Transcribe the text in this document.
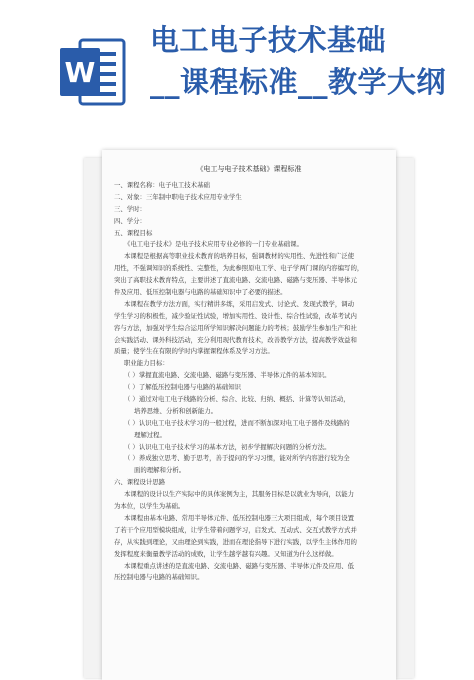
W
电工电子技术基础
__课程标准__教学大纲
《电工与电子技术基础》课程标准
一、课程名称：电子电工技术基础
二、对象：三年制中职电子技术应用专业学生
三、学时：
四、学分：
五、课程目标
《电工电子技术》是电子技术应用专业必修的一门专业基础课。
本课程是根据高等职业技术教育的培养目标，强调教材的实用性、先进性和广泛使
用性，不强调知识的系统性、完整性，为此参照原电工学、电子学两门课的内容编写的，
突出了高职技术教育特点，主要讲述了直流电路、交流电路、磁路与变压器、半导体元
件及应用、低压控制电器与电路的基础知识中了必要的描述。
本课程在教学方法方面，实行精讲多练，采用启发式、讨论式、发现式教学，调动
学生学习的积极性，减少验证性试验，增加实用性、设计性、综合性试验，改革考试内
容与方法，加强对学生综合运用所学知识解决问题能力的考核；鼓励学生参加生产和社
会实践活动、课外科技活动，充分利用现代教育技术，改善教学方法，提高教学效益和
质量；使学生在有限的学时内掌握课程体系及学习方法。
职业能力目标：
（ ）掌握直流电路、交流电路、磁路与变压器、半导体元件的基本知识。
（ ）了解低压控制电器与电路的基础知识
（ ）通过对电工电子线路的分析、综合、比较、归纳、概括、计算等认知活动，
培养思维、分析和创新能力。
（ ）认识电工电子技术学习的一般过程，进而不断加深对电工电子器件及线路的
理解过程。
（ ）认识电工电子技术学习的基本方法，初步学握解决问题的分析方法。
（ ）养成独立思考、勤于思考，善于提问的学习习惯，能对所学内容进行较为全
面的理解和分析。
六、课程设计思路
本课程的设计以生产实际中的具体案例为主，其服务目标是以就业为导向，以能力
为本位，以学生为基础。
本课程由基本电路、常用半导体元件、低压控制电器三大项目组成，每个项目设置
了若干个应用型模块组成，让学生带着问题学习，启发式、互动式、交互式教学方式并
存，从实践到理论，又由理论到实践，进而在理论指导下进行实践，以学生主体作用的
发挥程度来衡量教学活动的成败，让学生越学越有兴趣。又知道为什么这样做。
本课程重点讲述的是直流电路、交流电路、磁路与变压器、半导体元件及应用、低
压控制电器与电路的基础知识。
